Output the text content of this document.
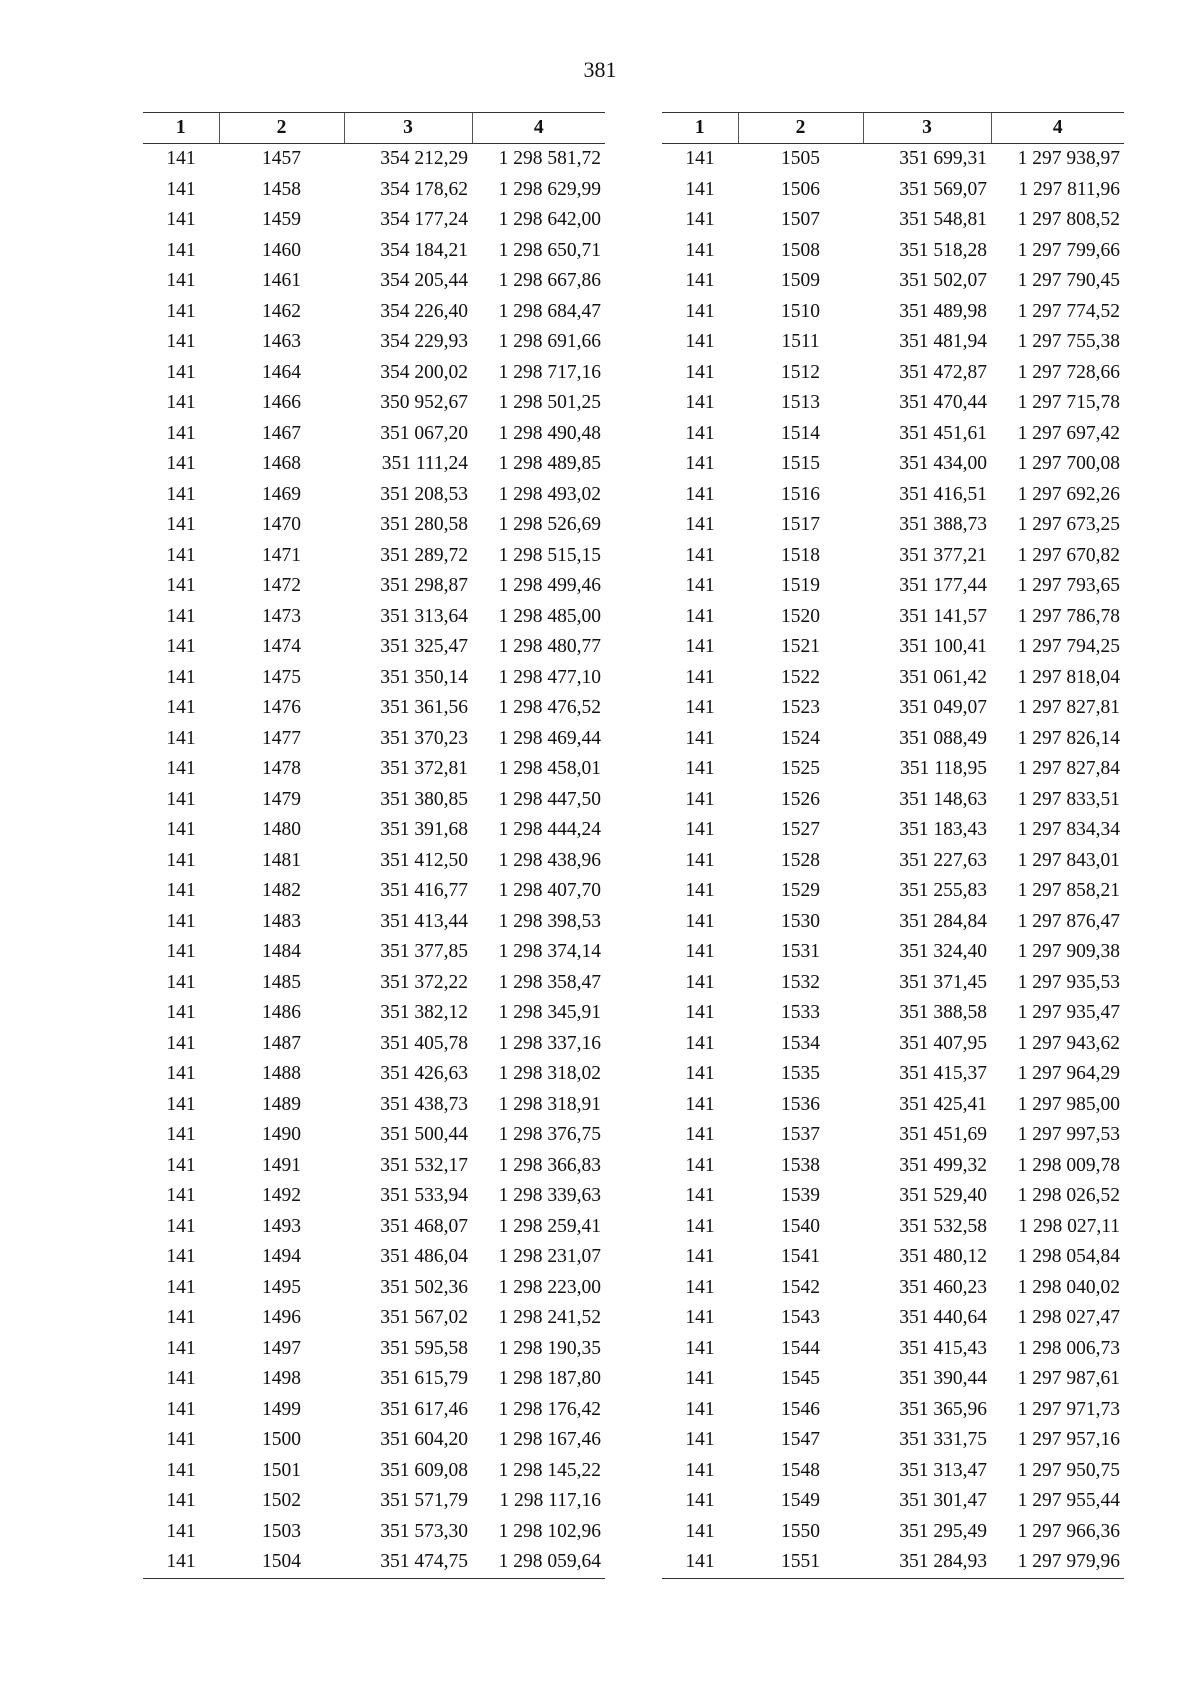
381
1	2	3	4
141	1457	354 212,29	1 298 581,72
141	1458	354 178,62	1 298 629,99
141	1459	354 177,24	1 298 642,00
141	1460	354 184,21	1 298 650,71
141	1461	354 205,44	1 298 667,86
141	1462	354 226,40	1 298 684,47
141	1463	354 229,93	1 298 691,66
141	1464	354 200,02	1 298 717,16
141	1466	350 952,67	1 298 501,25
141	1467	351 067,20	1 298 490,48
141	1468	351 111,24	1 298 489,85
141	1469	351 208,53	1 298 493,02
141	1470	351 280,58	1 298 526,69
141	1471	351 289,72	1 298 515,15
141	1472	351 298,87	1 298 499,46
141	1473	351 313,64	1 298 485,00
141	1474	351 325,47	1 298 480,77
141	1475	351 350,14	1 298 477,10
141	1476	351 361,56	1 298 476,52
141	1477	351 370,23	1 298 469,44
141	1478	351 372,81	1 298 458,01
141	1479	351 380,85	1 298 447,50
141	1480	351 391,68	1 298 444,24
141	1481	351 412,50	1 298 438,96
141	1482	351 416,77	1 298 407,70
141	1483	351 413,44	1 298 398,53
141	1484	351 377,85	1 298 374,14
141	1485	351 372,22	1 298 358,47
141	1486	351 382,12	1 298 345,91
141	1487	351 405,78	1 298 337,16
141	1488	351 426,63	1 298 318,02
141	1489	351 438,73	1 298 318,91
141	1490	351 500,44	1 298 376,75
141	1491	351 532,17	1 298 366,83
141	1492	351 533,94	1 298 339,63
141	1493	351 468,07	1 298 259,41
141	1494	351 486,04	1 298 231,07
141	1495	351 502,36	1 298 223,00
141	1496	351 567,02	1 298 241,52
141	1497	351 595,58	1 298 190,35
141	1498	351 615,79	1 298 187,80
141	1499	351 617,46	1 298 176,42
141	1500	351 604,20	1 298 167,46
141	1501	351 609,08	1 298 145,22
141	1502	351 571,79	1 298 117,16
141	1503	351 573,30	1 298 102,96
141	1504	351 474,75	1 298 059,64
1	2	3	4
141	1505	351 699,31	1 297 938,97
141	1506	351 569,07	1 297 811,96
141	1507	351 548,81	1 297 808,52
141	1508	351 518,28	1 297 799,66
141	1509	351 502,07	1 297 790,45
141	1510	351 489,98	1 297 774,52
141	1511	351 481,94	1 297 755,38
141	1512	351 472,87	1 297 728,66
141	1513	351 470,44	1 297 715,78
141	1514	351 451,61	1 297 697,42
141	1515	351 434,00	1 297 700,08
141	1516	351 416,51	1 297 692,26
141	1517	351 388,73	1 297 673,25
141	1518	351 377,21	1 297 670,82
141	1519	351 177,44	1 297 793,65
141	1520	351 141,57	1 297 786,78
141	1521	351 100,41	1 297 794,25
141	1522	351 061,42	1 297 818,04
141	1523	351 049,07	1 297 827,81
141	1524	351 088,49	1 297 826,14
141	1525	351 118,95	1 297 827,84
141	1526	351 148,63	1 297 833,51
141	1527	351 183,43	1 297 834,34
141	1528	351 227,63	1 297 843,01
141	1529	351 255,83	1 297 858,21
141	1530	351 284,84	1 297 876,47
141	1531	351 324,40	1 297 909,38
141	1532	351 371,45	1 297 935,53
141	1533	351 388,58	1 297 935,47
141	1534	351 407,95	1 297 943,62
141	1535	351 415,37	1 297 964,29
141	1536	351 425,41	1 297 985,00
141	1537	351 451,69	1 297 997,53
141	1538	351 499,32	1 298 009,78
141	1539	351 529,40	1 298 026,52
141	1540	351 532,58	1 298 027,11
141	1541	351 480,12	1 298 054,84
141	1542	351 460,23	1 298 040,02
141	1543	351 440,64	1 298 027,47
141	1544	351 415,43	1 298 006,73
141	1545	351 390,44	1 297 987,61
141	1546	351 365,96	1 297 971,73
141	1547	351 331,75	1 297 957,16
141	1548	351 313,47	1 297 950,75
141	1549	351 301,47	1 297 955,44
141	1550	351 295,49	1 297 966,36
141	1551	351 284,93	1 297 979,96
